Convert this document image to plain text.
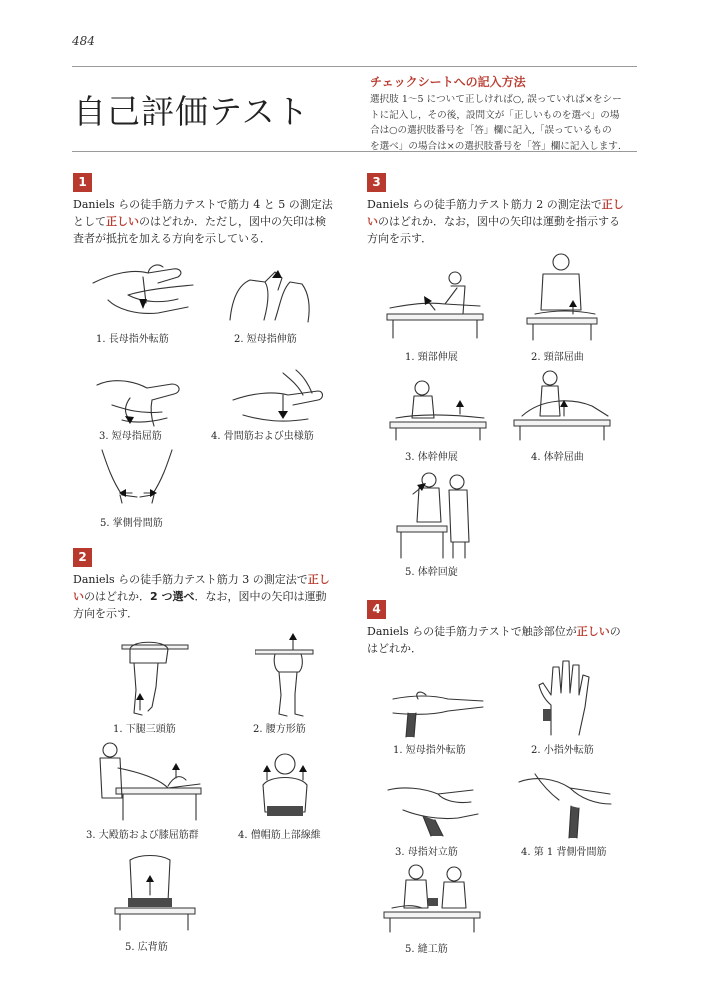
484
自己評価テスト
チェックシートへの記入方法
選択肢 1～5 について正しければ○, 誤っていれば×をシー
トに記入し，その後，設問文が「正しいものを選べ」の場
合は○の選択肢番号を「答」欄に記入,「誤っているもの
を選べ」の場合は×の選択肢番号を「答」欄に記入します.
1
Daniels らの徒手筋力テストで筋力 4 と 5 の測定法
として正しいのはどれか．ただし，図中の矢印は検
査者が抵抗を加える方向を示している．
1. 長母指外転筋	2. 短母指伸筋
3. 短母指屈筋	4. 骨間筋および虫様筋
5. 掌側骨間筋
2
Daniels らの徒手筋力テスト筋力 3 の測定法で正し
いのはどれか．2 つ選べ．なお，図中の矢印は運動
方向を示す．
1. 下腿三頭筋	2. 腰方形筋
3. 大殿筋および膝屈筋群	4. 僧帽筋上部線維
5. 広背筋
3
Daniels らの徒手筋力テスト筋力 2 の測定法で正し
いのはどれか．なお，図中の矢印は運動を指示する
方向を示す．
1. 頸部伸展	2. 頸部屈曲
3. 体幹伸展	4. 体幹屈曲
5. 体幹回旋
4
Daniels らの徒手筋力テストで触診部位が正しいの
はどれか．
1. 短母指外転筋	2. 小指外転筋
3. 母指対立筋	4. 第 1 背側骨間筋
5. 縫工筋
